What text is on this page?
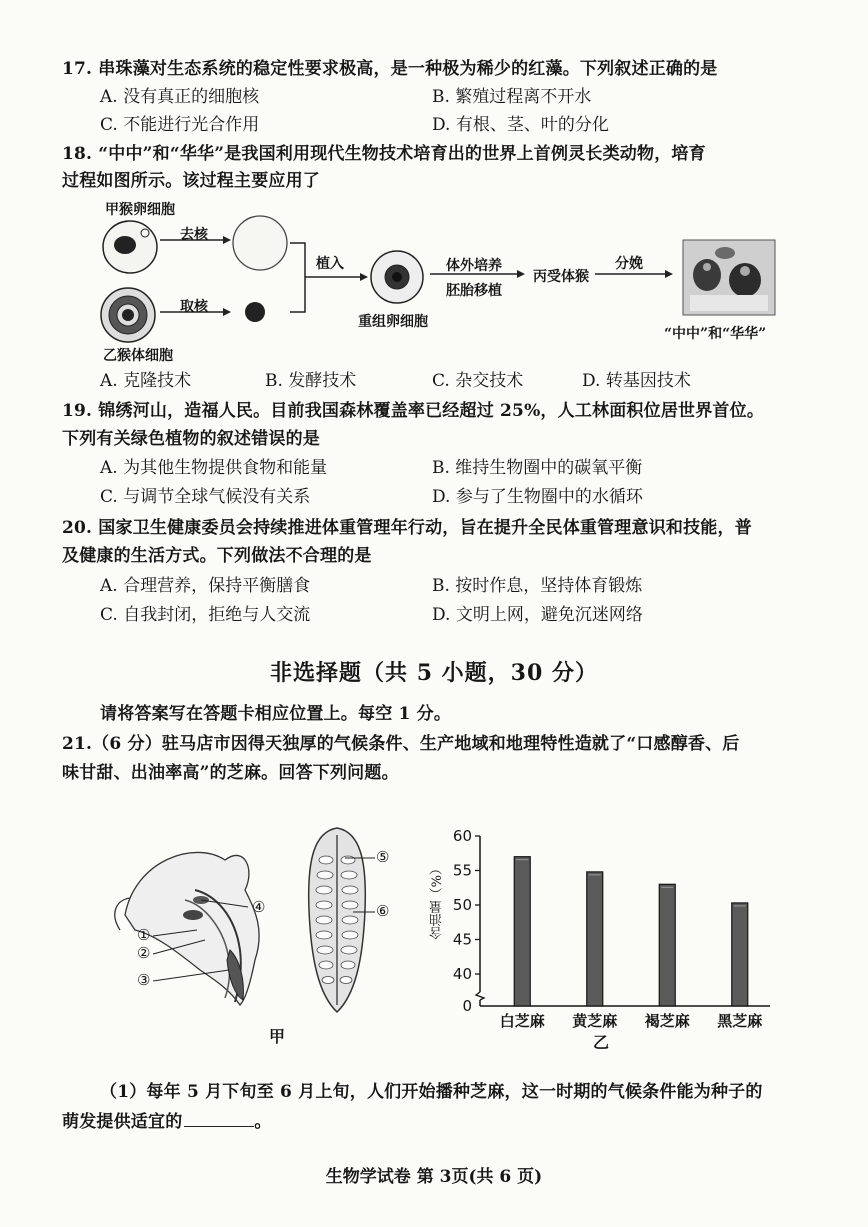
17. 串珠藻对生态系统的稳定性要求极高，是一种极为稀少的红藻。下列叙述正确的是
A. 没有真正的细胞核	B. 繁殖过程离不开水
C. 不能进行光合作用	D. 有根、茎、叶的分化
18. “中中”和“华华”是我国利用现代生物技术培育出的世界上首例灵长类动物，培育
过程如图所示。该过程主要应用了
甲猴卵细胞
去核
取核
乙猴体细胞
植入
重组卵细胞
体外培养
胚胎移植
丙受体猴
分娩
“中中”和“华华”
A. 克隆技术	B. 发酵技术	C. 杂交技术	D. 转基因技术
19. 锦绣河山，造福人民。目前我国森林覆盖率已经超过 25%，人工林面积位居世界首位。
下列有关绿色植物的叙述错误的是
A. 为其他生物提供食物和能量	B. 维持生物圈中的碳氧平衡
C. 与调节全球气候没有关系	D. 参与了生物圈中的水循环
20. 国家卫生健康委员会持续推进体重管理年行动，旨在提升全民体重管理意识和技能，普
及健康的生活方式。下列做法不合理的是
A. 合理营养，保持平衡膳食	B. 按时作息，坚持体育锻炼
C. 自我封闭，拒绝与人交流	D. 文明上网，避免沉迷网络
非选择题（共 5 小题，30 分）
请将答案写在答题卡相应位置上。每空 1 分。
21.（6 分）驻马店市因得天独厚的气候条件、生产地域和地理特性造就了“口感醇香、后
味甘甜、出油率高”的芝麻。回答下列问题。
④
①
②
③
⑤
⑥
甲
40
45
50
55
60
0
白芝麻 黄芝麻 褐芝麻 黑芝麻
含油量（%）
乙
（1）每年 5 月下旬至 6 月上旬，人们开始播种芝麻，这一时期的气候条件能为种子的
萌发提供适宜的	。
生物学试卷 第 3页(共 6 页)
